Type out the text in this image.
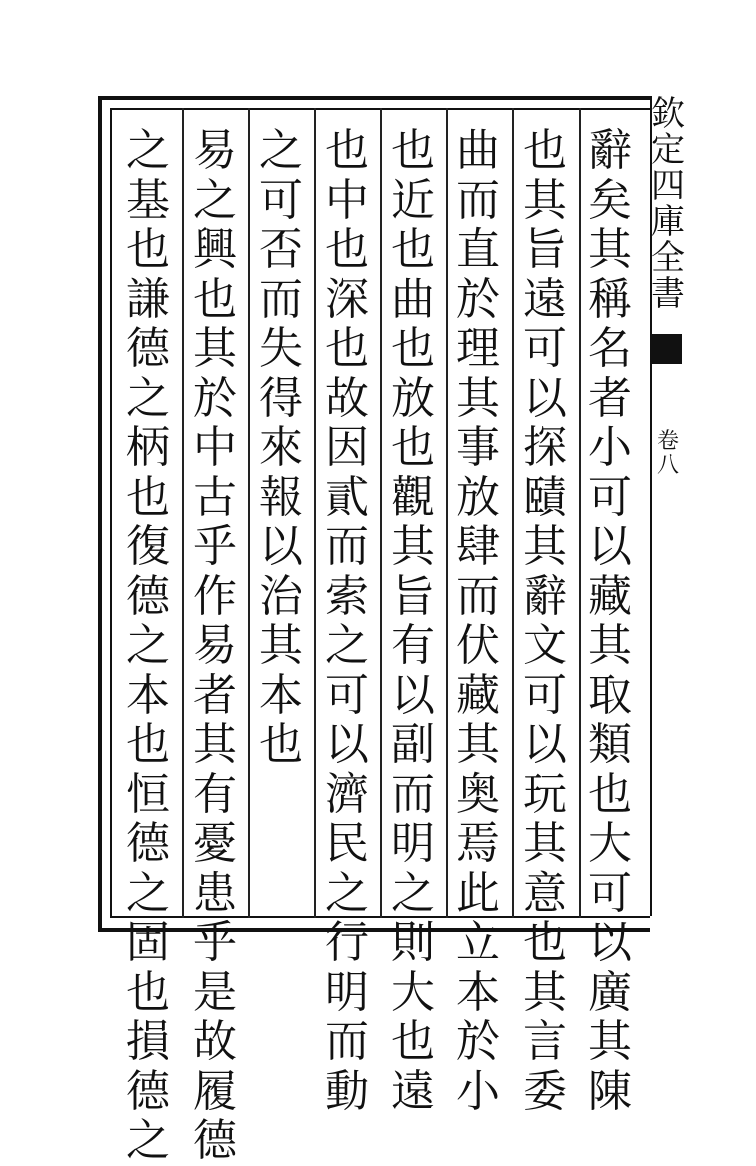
欽
定
四
庫
全
書
卷
八
辭
矣
其
稱
名
者
小
可
以
藏
其
取
類
也
大
可
以
廣
其
陳
也
其
旨
遠
可
以
探
賾
其
辭
文
可
以
玩
其
意
也
其
言
委
曲
而
直
於
理
其
事
放
肆
而
伏
藏
其
奥
焉
此
立
本
於
小
也
近
也
曲
也
放
也
觀
其
旨
有
以
副
而
明
之
則
大
也
遠
也
中
也
深
也
故
因
貳
而
索
之
可
以
濟
民
之
行
明
而
動
之
可
否
而
失
得
來
報
以
治
其
本
也
易
之
興
也
其
於
中
古
乎
作
易
者
其
有
憂
患
乎
是
故
履
德
之
基
也
謙
德
之
柄
也
復
德
之
本
也
恒
德
之
固
也
損
德
之
